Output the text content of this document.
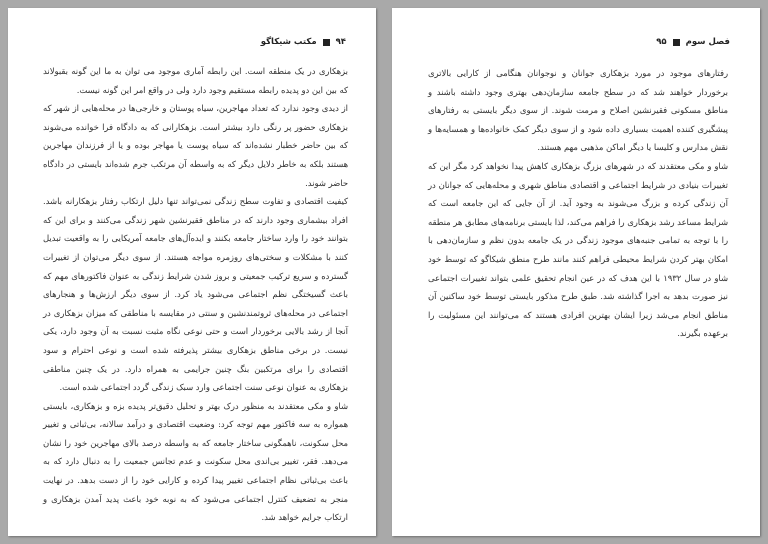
۹۴
مکتب شیکاگو

بزهکاری در یک منطقه است. این رابطه آماری موجود می توان به ما این گونه بقبولاند که بین این دو پدیده رابطه مستقیم وجود دارد ولی در واقع امر این گونه نیست.

از دیدی وجود ندارد که تعداد مهاجرین، سیاه پوستان و خارجی‌ها در محله‌هایی از شهر که بزهکاری حضور پر رنگی دارد بیشتر است. بزهکارانی که به دادگاه فرا خوانده می‌شوند که بین حاضر خطبار نشده‌اند که سیاه پوست یا مهاجر بوده و یا از فرزندان مهاجرین هستند بلکه به خاطر دلایل دیگر که به واسطه آن مرتکب جرم شده‌اند بایستی در دادگاه حاضر شوند.

کیفیت اقتصادی و تفاوت سطح زندگی نمی‌تواند تنها دلیل ارتکاب رفتار بزهکارانه باشد. افراد بیشماری وجود دارند که در مناطق فقیرنشین شهر زندگی می‌کنند و برای این که بتوانند خود را وارد ساختار جامعه بکنند و ایده‌آل‌های جامعه آمریکایی را به واقعیت تبدیل کنند با مشکلات و سختی‌های روزمره مواجه هستند. از سوی دیگر می‌توان از تغییرات گسترده و سریع ترکیب جمعیتی و بروز شدن شرایط زندگی به عنوان فاکتورهای مهم که باعث گسیختگی نظم اجتماعی می‌شود یاد کرد. از سوی دیگر ارزش‌ها و هنجارهای اجتماعی در محله‌های ثروتمندنشین و سنتی در مقایسه با مناطقی که میزان بزهکاری در آنجا از رشد بالایی برخوردار است و حتی نوعی نگاه مثبت نسبت به آن وجود دارد، یکی نیست. در برخی مناطق بزهکاری بیشتر پذیرفته شده است و نوعی احترام و سود اقتصادی را برای مرتکبین بنگ چنین جرایمی به همراه دارد. در یک چنین مناطقی بزهکاری به عنوان نوعی سنت اجتماعی وارد سبک زندگی گردد اجتماعی شده است.

شاو و مکی معتقدند به منظور درک بهتر و تحلیل دقیق‌تر پدیده بزه و بزهکاری، بایستی همواره به سه فاکتور مهم توجه کرد: وضعیت اقتصادی و درآمد سالانه، بی‌ثباتی و تغییر محل سکونت، ناهمگونی ساختار جامعه که به واسطه درصد بالای مهاجرین خود را نشان می‌دهد. فقر، تغییر بی‌اندی محل سکونت و عدم تجانس جمعیت را به دنبال دارد که به باعث بی‌ثباتی نظام اجتماعی تغییر پیدا کرده و کارایی خود را از دست بدهد. در نهایت منجر به تضعیف کنترل اجتماعی می‌شود که به نوبه خود باعث پدید آمدن بزهکاری و ارتکاب جرایم خواهد شد.

فصل سوم
۹۵

رفتارهای موجود در مورد بزهکاری جوانان و نوجوانان هنگامی از کارایی بالاتری برخوردار خواهند شد که در سطح جامعه سازمان‌دهی بهتری وجود داشته باشند و مناطق مسکونی فقیرنشین اصلاح و مرمت شوند. از سوی دیگر بایستی به رفتارهای پیشگیری کننده اهمیت بسیاری داده شود و از سوی دیگر کمک خانواده‌ها و همسایه‌ها و نقش مدارس و کلیسا یا دیگر اماکن مذهبی مهم هستند.

شاو و مکی معتقدند که در شهرهای بزرگ بزهکاری کاهش پیدا نخواهد کرد مگر این که تغییرات بنیادی در شرایط اجتماعی و اقتصادی مناطق شهری و محله‌هایی که جوانان در آن زندگی کرده و بزرگ می‌شوند به وجود آید. از آن جایی که این جامعه است که شرایط مساعد رشد بزهکاری را فراهم می‌کند، لذا بایستی برنامه‌های مطابق هر منطقه را با توجه به تمامی جنبه‌های موجود زندگی در یک جامعه بدون نظم و سازمان‌دهی با امکان بهتر کردن شرایط محیطی فراهم کنند مانند طرح منطق شیکاگو که توسط خود شاو در سال ۱۹۳۲ با این هدف که در عین انجام تحقیق علمی بتواند تغییرات اجتماعی نیز صورت بدهد به اجرا گذاشته شد. طبق طرح مذکور بایستی توسط خود ساکنین آن مناطق انجام می‌شد زیرا ایشان بهترین افرادی هستند که می‌توانند این مسئولیت را برعهده بگیرند.
